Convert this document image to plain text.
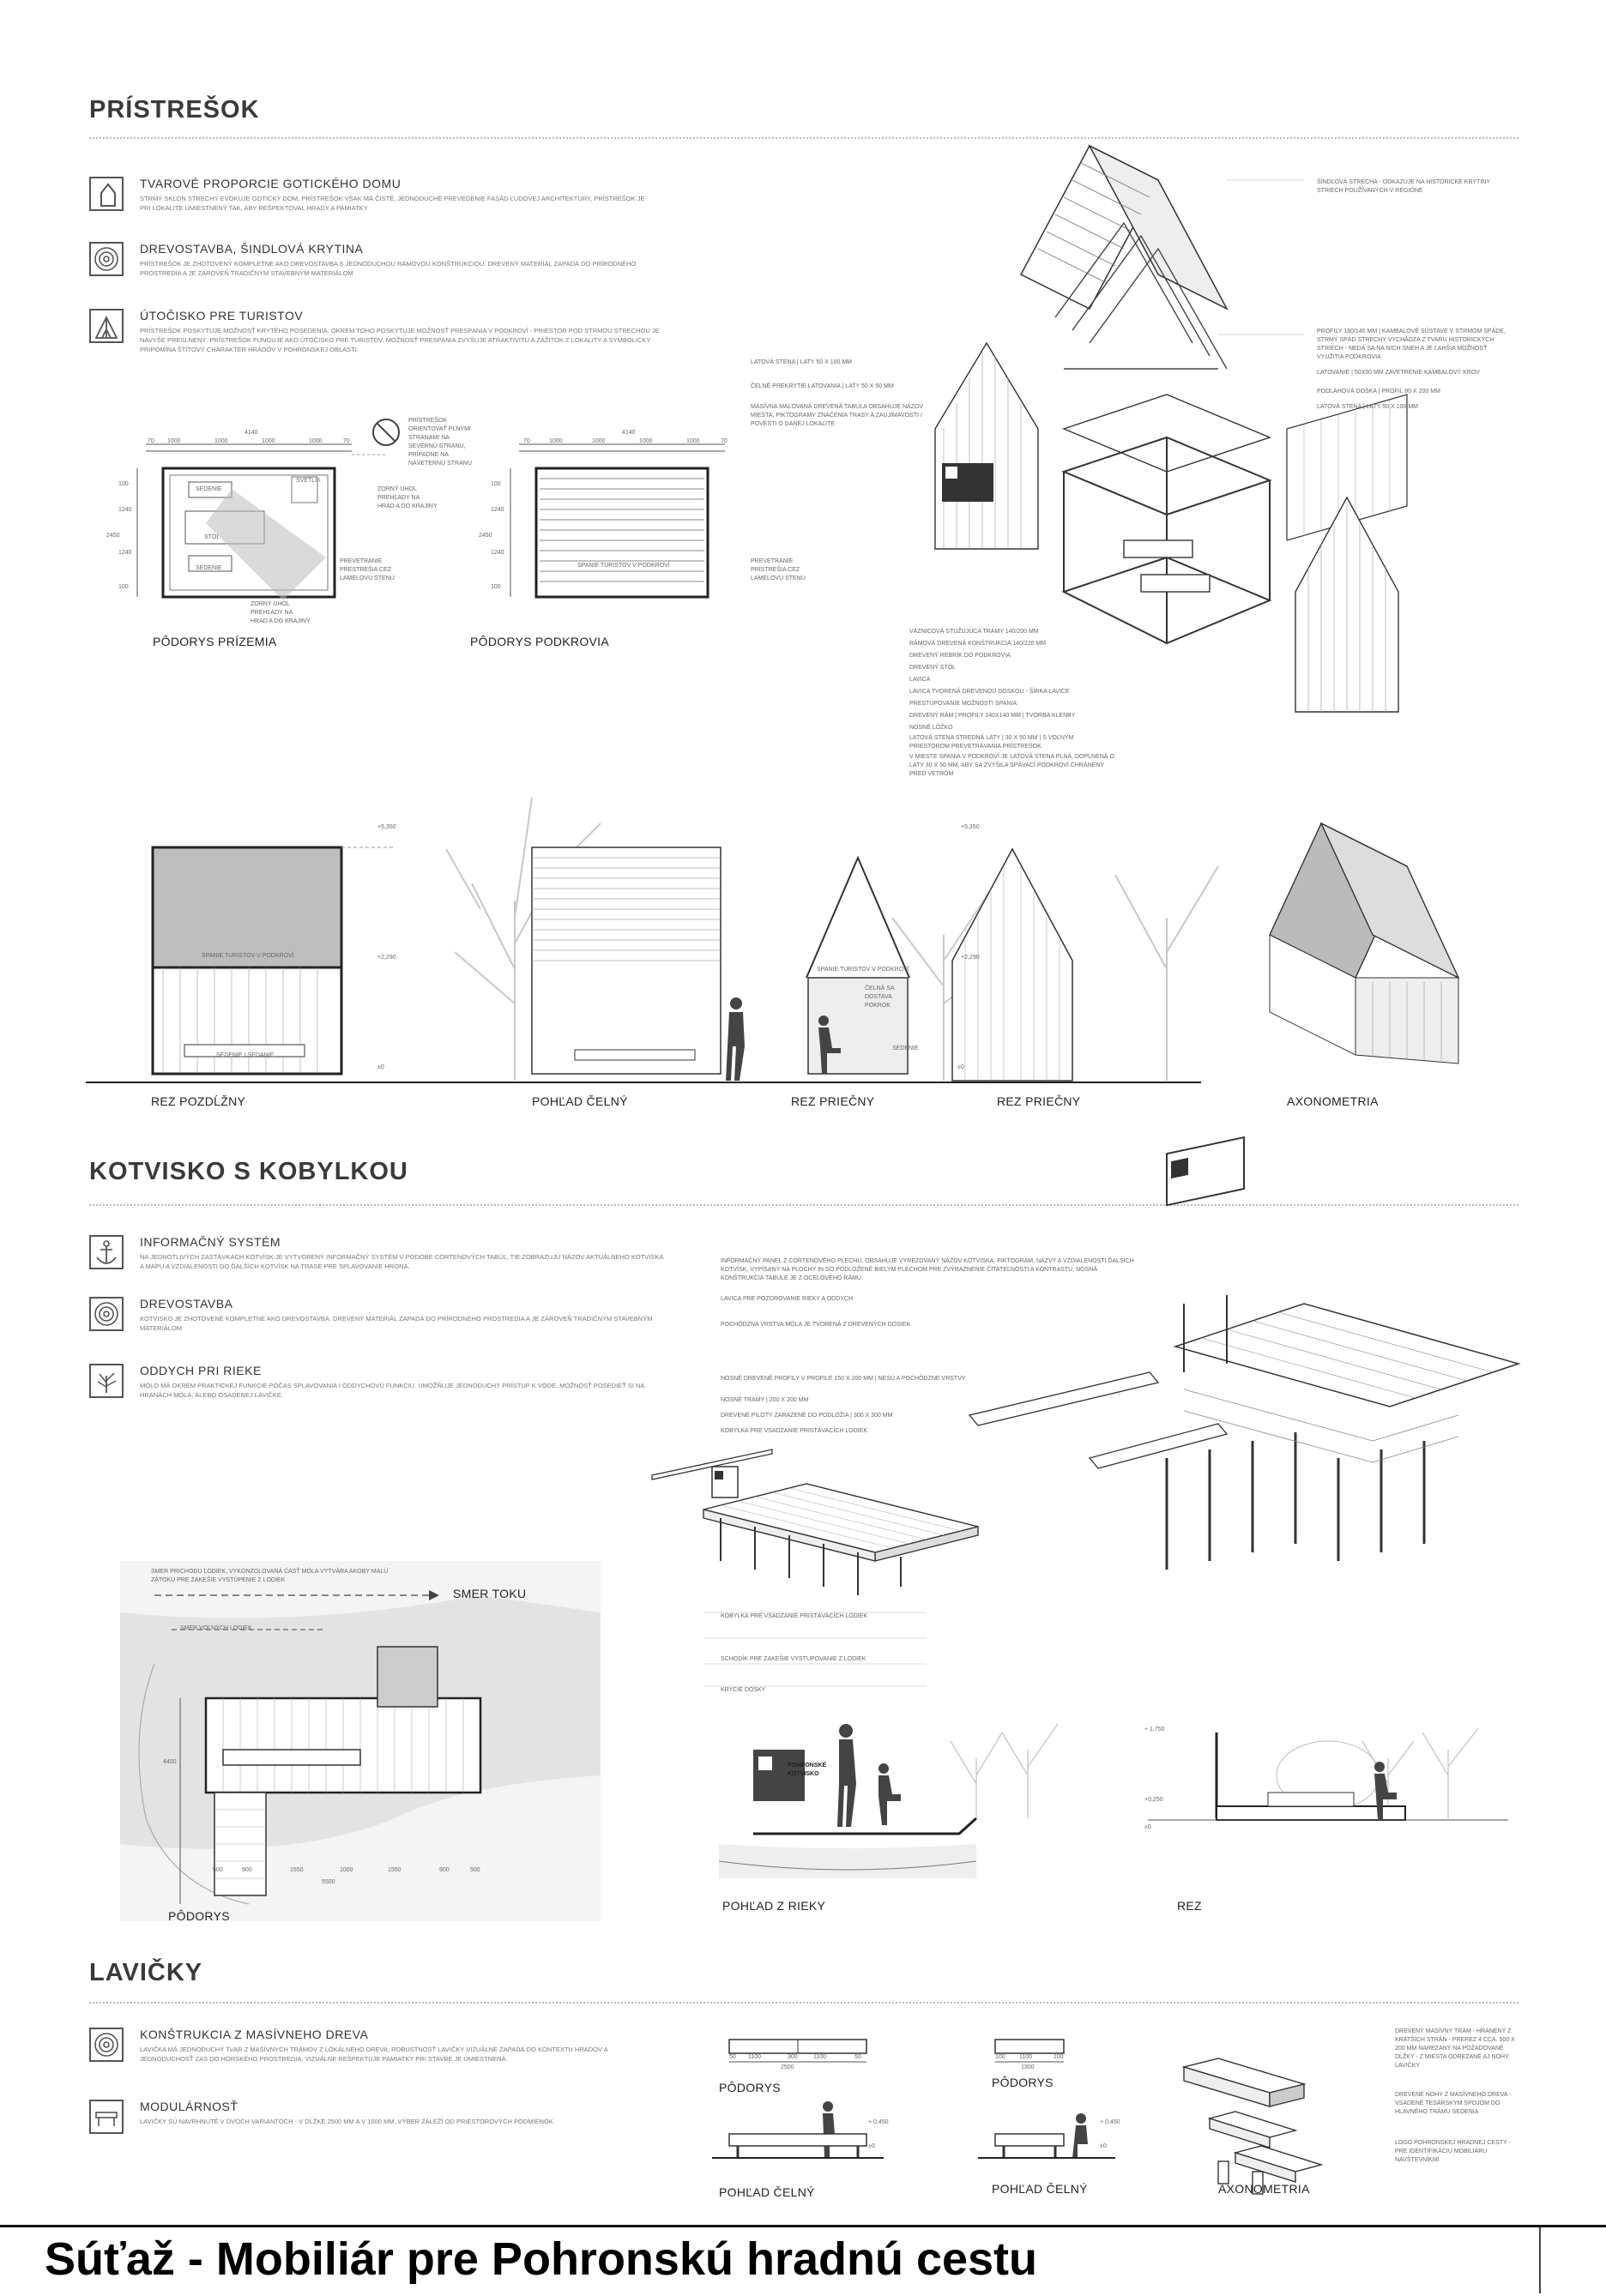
PRÍSTREŠOK
TVAROVÉ PROPORCIE GOTICKÉHO DOMU
STRMÝ SKLON STRECHY EVOKUJE GOTICKÝ DOM, PRÍSTREŠOK VŠAK MÁ ČISTÉ, JEDNODUCHÉ PREVEDENIE FASÁD ĽUDOVEJ ARCHITEKTÚRY, PRÍSTREŠOK JE PRI LOKALITE UMIESTNENÝ TAK, ABY REŠPEKTOVAL HRADY A PAMIATKY
DREVOSTAVBA, ŠINDLOVÁ KRYTINA
PRÍSTREŠOK JE ZHOTOVENÝ KOMPLETNE AKO DREVOSTAVBA S JEDNODUCHOU RÁMOVOU KONŠTRUKCIOU. DREVENÝ MATERIÁL ZAPADÁ DO PRÍRODNÉHO PROSTREDIA A JE ZÁROVEŇ TRADIČNÝM STAVEBNÝM MATERIÁLOM
ÚTOČISKO PRE TURISTOV
PRÍSTREŠOK POSKYTUJE MOŽNOSŤ KRYTÉHO POSEDENIA, OKREM TOHO POSKYTUJE MOŽNOSŤ PRESPANIA V PODKROVÍ - PRIESTOR POD STRMOU STRECHOU JE NAVYŠE PRESLNENÝ. PRÍSTREŠOK FUNGUJE AKO ÚTOČISKO PRE TURISTOV, MOŽNOSŤ PRESPANIA ZVYŠUJE ATRAKTIVITU A ZÁŽITOK Z LOKALITY A SYMBOLICKY PRIPOMÍNA ŠTÍTOVÝ CHARAKTER HRADOV V POHRONSKEJ OBLASTI.
70 1000	1000	1000	1000	70
4140
100
1240
1240
100
2450
SEDENIE
STÔL
SEDENIE
SVETLÍK
ZORNÝ UHOL PREHĽADY NA HRAD A DO KRAJINY
PREVETRANIE PRESTREŠIA CEZ LAMELOVÚ STENU
ZORNÝ UHOL PREHĽADY NA HRAD A DO KRAJINY
PRÍSTREŠOK ORIENTOVAŤ PLNÝMI STRANAMI NA SEVERNÚ STRANU, PRÍPADNE NA NÁVETERNÚ STRANU
PÔDORYS PRÍZEMIA
70	1000	1000	1000	1000	70
4140
100
1240
1240
100
2450
SPANIE TURISTOV V PODKROVÍ
PREVETRANIE PRÍSTREŠIA CEZ LAMELOVÚ STENU
PÔDORYS PODKROVIA
LATOVÁ STENA | LATY 50 X 100 MM
ČELNÉ PREKRYTIE LATOVANIA | LATY 50 X 50 MM
MASÍVNA MAĽOVANÁ DREVENÁ TABUĽA OBSAHUJE NÁZOV MIESTA, PIKTOGRAMY ZNAČENIA TRASY A ZAUJÍMAVOSTI / POVESTI O DANEJ LOKALITE
ŠINDĽOVÁ STRECHA - ODKAZUJE NA HISTORICKÉ KRYTINY STRIECH POUŽÍVANÝCH V REGIÓNE
PROFILY 180/140 MM | KAMBALOVÉ SÚSTAVE V STRMOM SPÁDE, STRMÝ SPÁD STRECHY VYCHÁDZA Z TVARU HISTORICKÝCH STRIECH - NEDÁ SA NA NICH SNEH A JE ĽAHŠIA MOŽNOSŤ VYUŽITIA PODKROVIA
LATOVANIE | 50X50 MM ZAVETRENIE KAMBALOVÝ KROV
PODLAHOVÁ DOSKA | PROFIL 80 X 200 MM
LATOVÁ STENA | LATY 50 X 100 MM
VÄZNICOVÁ STUŽUJÚCA TRÁMY 140/200 MM
RÁMOVÁ DREVENÁ KONŠTRUKCIA 140/220 MM
DREVENÝ REBRÍK DO PODKROVIA
DREVENÝ STÔL
LAVICA
LAVICA TVORENÁ DREVENOU DOSKOU - ŠÍRKA LAVICE
PRESTÚPOVANIE MOŽNOSTI SPANIA
DREVENÝ RÁM | PROFILY 140X140 MM | TVORBA KLENBY
NOSNÉ LÔŽKO
LATOVÁ STENA STREDNÁ LATY | 30 X 50 MM | S VOĽNÝM PRIESTOROM PREVETRÁVANIA PRÍSTREŠOK
V MIESTE SPANIA V PODKROVÍ JE LATOVÁ STENA PLNÁ, DOPLNENÁ O LATY 30 X 50 MM, ABY SA ZVÝŠILA SPÁVACÍ PODKROVÍ CHRÁNENÝ PRED VETROM
+5,350
+2,290
±0
+5,350
+2,290
±0
SPANIE TURISTOV V PODKROVÍ
SEDENIE / SEDANIE
SPANIE TURISTOV V PODKROVÍ
SEDENIE
ČELNÁ SA DOSTAVA POKROK
REZ POZDĹŽNY	POHĽAD ČELNÝ	REZ PRIEČNY	REZ PRIEČNY	AXONOMETRIA
KOTVISKO S KOBYLKOU
INFORMAČNÝ SYSTÉM
NA JEDNOTLIVÝCH ZASTÁVKACH KOTVÍSK JE VYTVORENÝ INFORMAČNÝ SYSTÉM V PODOBE CORTENOVÝCH TABÚĽ, TIE ZOBRAZUJÚ NÁZOV AKTUÁLNEHO KOTVISKA A MAPU A VZDIALENOSTI DO ĎALŠÍCH KOTVÍSK NA TRASE PRE SPLAVOVANIE HRONA.
DREVOSTAVBA
KOTVISKO JE ZHOTOVENÉ KOMPLETNE AKO DREVOSTAVBA. DREVENÝ MATERIÁL ZAPADÁ DO PRÍRODNÉHO PROSTREDIA A JE ZÁROVEŇ TRADIČNÝM STAVEBNÝM MATERIÁLOM
ODDYCH PRI RIEKE
MÓLO MÁ OKREM PRAKTICKEJ FUNKCIE POČAS SPLAVOVANIA I ODDYCHOVÚ FUNKCIU. UMOŽŇUJE JEDNODUCHÝ PRÍSTUP K VODE, MOŽNOSŤ POSEDIEŤ SI NA HRANÁCH MÓLA, ALEBO OSADENEJ LAVIČKE.
INFORMAČNÝ PANEL Z CORTENOVÉHO PLECHU, OBSAHUJE VYREZOVANÝ NÁZOV KOTVISKA, PIKTOGRAM, NÁZVY A VZDIALENOSTI ĎALŠÍCH KOTVÍSK, VYPÍSANÝ NA PLOCHY IN SO PODLOŽENÉ BIELYM PLECHOM PRE ZVÝRAZNENIE ČITATEĽNOSTI A KONTRASTU, NOSNÁ KONŠTRUKCIA TABULE JE Z OCELOVÉHO RÁMU.
LAVICA PRE POZOROVANIE RIEKY A ODDYCH
POCHÔDZNA VRSTVA MÓLA JE TVORENÁ Z DREVENÝCH DOSIEK
NOSNÉ DREVENÉ PROFILY V PROFILE 150 X 200 MM | NESÚ A POCHÔDZNE VRSTVY
NOSNÉ TRÁMY | 200 X 200 MM
DREVENÉ PILOTY ZARAZENÉ DO PODLOŽIA | 300 X 300 MM
KOBYLKA PRE VSADZANIE PRISTÁVACÍCH LODIEK
KOBYLKA PRE VSADZANIE PRISTÁVACÍCH LODIEK
SCHODÍK PRE ZAKEŠIE VYSTUPOVANIE Z LODIEK
KRYCIE DOSKY
SMER PRICHODU LODIEK, VYKONZOLOVANÁ ČASŤ MÓLA VYTVÁRA AKOBY MALÚ ZÁTOKU PRE ZAKEŠIE VYSTÚPENIE Z LODIEK
SMER TOKU
SMER VOĽNÝCH LODIEK
500	900	1550	1000	1550	900	500
5500
4400
PÔDORYS
POHRONSKÉ KOTVISKO
+ 1,750
+0,250
±0
POHĽAD Z RIEKY	REZ
LAVIČKY
KONŠTRUKCIA Z MASÍVNEHO DREVA
LAVIČKA MÁ JEDNODUCHÝ TVAR Z MASÍVNYCH TRÁMOV Z LOKÁLNEHO DREVA, ROBUSTNOSŤ LAVIČKY VIZUÁLNE ZAPADÁ DO KONTEXTU HRADOV A JEDNODUCHOSŤ ZAS DO HORSKÉHO PROSTREDIA. VIZUÁLNE REŠPEKTUJE PAMIATKY PRI STAVBE JE UMIESTNENÁ.
MODULÁRNOSŤ
LAVIČKY SÚ NAVRHNUTÉ V DVOCH VARIANTOCH - V DĹŽKE 2500 MM A V 1000 MM, VÝBER ZÁLEŽÍ OD PRIESTOROVÝCH PODMIENOK
50 1100	300	1100	50
2500
100 1100	100
1300
PÔDORYS	PÔDORYS
+ 0,450
±0
+ 0,450
±0
POHĽAD ČELNÝ	POHĽAD ČELNÝ	AXONOMETRIA
DREVENÝ MASÍVNY TRÁM - HRANENÝ Z KRATŠÍCH STRÁN - PREREZ 4 CCA. 500 X 200 MM NAREZANÝ NA POŽADOVANÉ DĹŽKY - Z MIESTA ODREZANÉ AJ NOHY LAVIČKY
DREVENÉ NOHY Z MASÍVNEHO DREVA - VSADENÉ TESÁRSKYM SPOJOM DO HLAVNÉHO TRÁMU SEDENIA
LOGO POHRONSKEJ HRADNEJ CESTY - PRE IDENTIFIKÁCIU MOBILIÁRU NAVŠTEVNÍKMI
Súťaž - Mobiliár pre Pohronskú hradnú cestu
